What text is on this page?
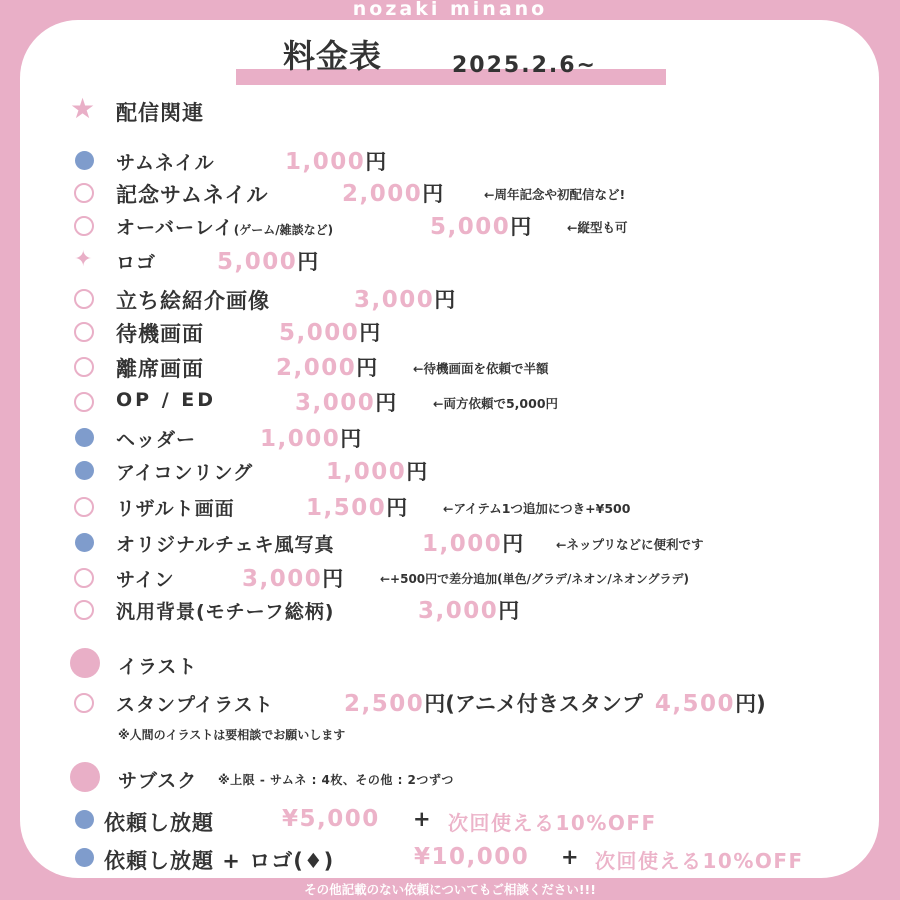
nozaki minano
料金表	2025.2.6~
★ 配信関連
サムネイル	1,000円
記念サムネイル	2,000円	←周年記念や初配信など!
オーバーレイ(ゲーム/雑談など)	5,000円	←縦型も可
✦ ロゴ	5,000円
立ち絵紹介画像	3,000円
待機画面	5,000円
離席画面	2,000円	←待機画面を依頼で半額
OP / ED	3,000円	←両方依頼で5,000円
ヘッダー	1,000円
アイコンリング	1,000円
リザルト画面	1,500円	←アイテム1つ追加につき+¥500
オリジナルチェキ風写真	1,000円	←ネップリなどに便利です
サイン	3,000円	←+500円で差分追加(単色/グラデ/ネオン/ネオングラデ)
汎用背景(モチーフ総柄)	3,000円
イラスト
スタンプイラスト	2,500円(アニメ付きスタンプ 4,500円)
※人間のイラストは要相談でお願いします
サブスク ※上限 - サムネ : 4枚、その他 : 2つずつ
依頼し放題	¥5,000 + 次回使える10%OFF
依頼し放題 + ロゴ(♦)	¥10,000 + 次回使える10%OFF
その他記載のない依頼についてもご相談ください!!!
